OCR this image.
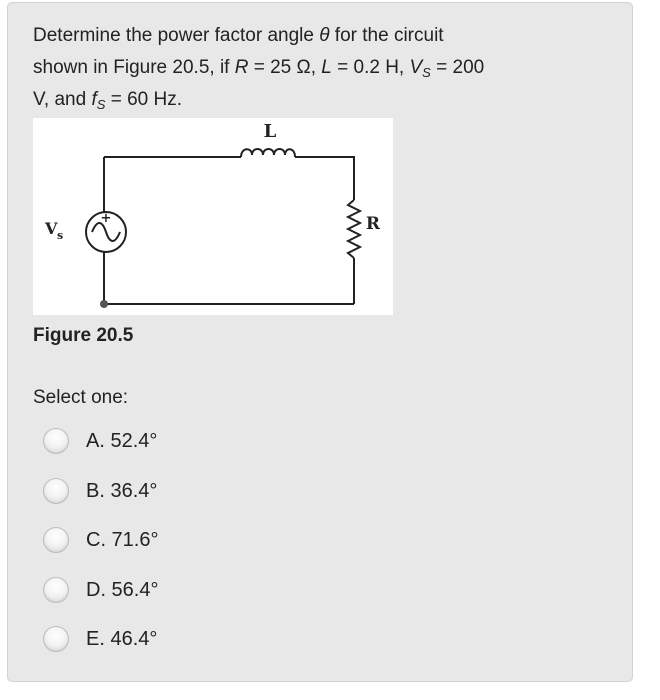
Determine the power factor angle θ for the circuit
shown in Figure 20.5, if R = 25 Ω, L = 0.2 H, $V_S = 200$
V, and $f_S = 60$ Hz.
+
L
R
V s
Figure 20.5
Select one:
A. 52.4°
B. 36.4°
C. 71.6°
D. 56.4°
E. 46.4°
